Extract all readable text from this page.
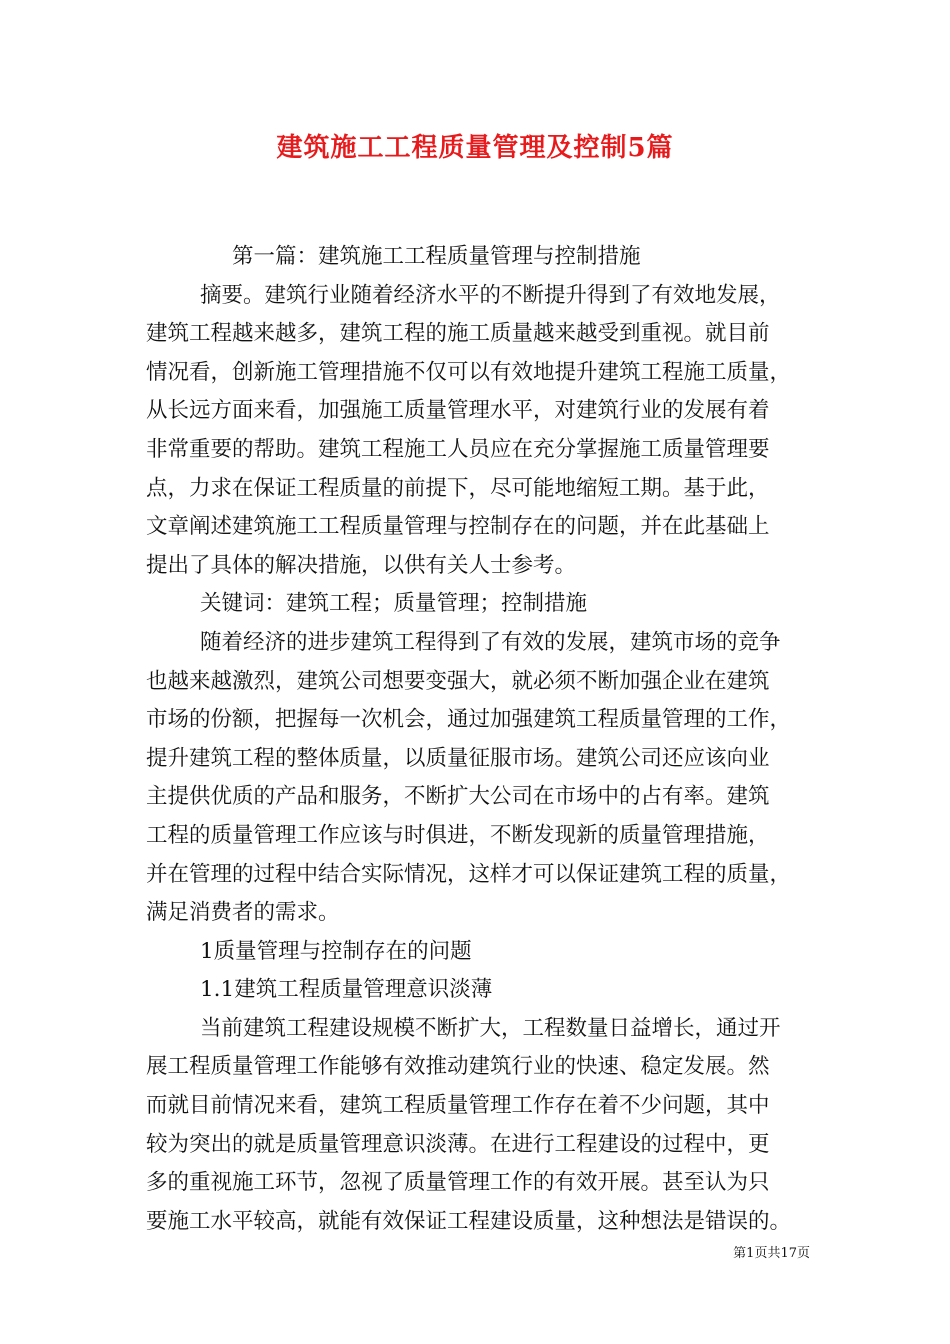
建筑施工工程质量管理及控制5篇
第一篇：建筑施工工程质量管理与控制措施
摘要。建筑行业随着经济水平的不断提升得到了有效地发展，
建筑工程越来越多，建筑工程的施工质量越来越受到重视。就目前
情况看，创新施工管理措施不仅可以有效地提升建筑工程施工质量，
从长远方面来看，加强施工质量管理水平，对建筑行业的发展有着
非常重要的帮助。建筑工程施工人员应在充分掌握施工质量管理要
点，力求在保证工程质量的前提下，尽可能地缩短工期。基于此，
文章阐述建筑施工工程质量管理与控制存在的问题，并在此基础上
提出了具体的解决措施，以供有关人士参考。
关键词：建筑工程；质量管理；控制措施
随着经济的进步建筑工程得到了有效的发展，建筑市场的竞争
也越来越激烈，建筑公司想要变强大，就必须不断加强企业在建筑
市场的份额，把握每一次机会，通过加强建筑工程质量管理的工作，
提升建筑工程的整体质量，以质量征服市场。建筑公司还应该向业
主提供优质的产品和服务，不断扩大公司在市场中的占有率。建筑
工程的质量管理工作应该与时俱进，不断发现新的质量管理措施，
并在管理的过程中结合实际情况，这样才可以保证建筑工程的质量，
满足消费者的需求。
1质量管理与控制存在的问题
1.1建筑工程质量管理意识淡薄
当前建筑工程建设规模不断扩大，工程数量日益增长，通过开
展工程质量管理工作能够有效推动建筑行业的快速、稳定发展。然
而就目前情况来看，建筑工程质量管理工作存在着不少问题，其中
较为突出的就是质量管理意识淡薄。在进行工程建设的过程中，更
多的重视施工环节，忽视了质量管理工作的有效开展。甚至认为只
要施工水平较高，就能有效保证工程建设质量，这种想法是错误的。
第1页共17页
